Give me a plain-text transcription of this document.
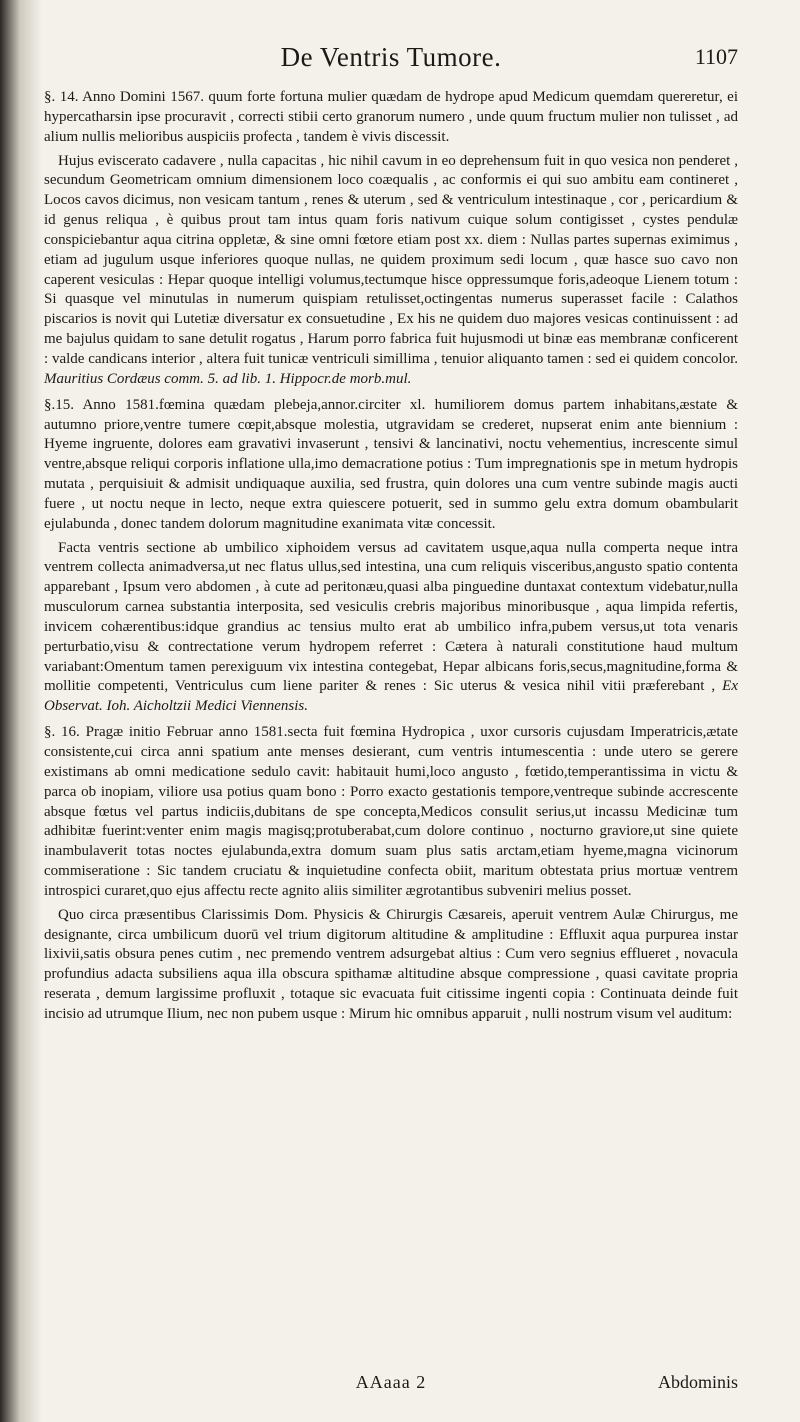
De Ventris Tumore.	1107

§. 14. Anno Domini 1567. quum forte fortuna mulier quædam de hydrope apud Medicum quemdam quereretur, ei hypercatharsin ipse procuravit , correcti stibii certo granorum numero , unde quum fructum mulier non tulisset , ad alium nullis melioribus auspiciis profecta , tandem è vivis discessit.

Hujus eviscerato cadavere , nulla capacitas , hic nihil cavum in eo deprehensum fuit in quo vesica non penderet , secundum Geometricam omnium dimensionem loco coæqualis , ac conformis ei qui suo ambitu eam contineret , Locos cavos dicimus, non vesicam tantum , renes & uterum , sed & ventriculum intestinaque , cor , pericardium & id genus reliqua , è quibus prout tam intus quam foris nativum cuique solum contigisset , cystes pendulæ conspiciebantur aqua citrina oppletæ, & sine omni fœtore etiam post xx. diem : Nullas partes supernas eximimus , etiam ad jugulum usque inferiores quoque nullas, ne quidem proximum sedi locum , quæ hasce suo cavo non caperent vesiculas : Hepar quoque intelligi volumus,tectumque hisce oppressumque foris,adeoque Lienem totum : Si quasque vel minutulas in numerum quispiam retulisset,octingentas numerus superasset facile : Calathos piscarios is novit qui Lutetiæ diversatur ex consuetudine , Ex his ne quidem duo majores vesicas continuissent : ad me bajulus quidam to sane detulit rogatus , Harum porro fabrica fuit hujusmodi ut binæ eas membranæ conficerent : valde candicans interior , altera fuit tunicæ ventriculi simillima , tenuior aliquanto tamen : sed ei quidem concolor. Mauritius Cordæus comm. 5. ad lib. 1. Hippocr.de morb.mul.

§.15. Anno 1581.fœmina quædam plebeja,annor.circiter xl. humiliorem domus partem inhabitans,æstate & autumno priore,ventre tumere cœpit,absque molestia, utgravidam se crederet, nupserat enim ante biennium : Hyeme ingruente, dolores eam gravativi invaserunt , tensivi & lancinativi, noctu vehementius, increscente simul ventre,absque reliqui corporis inflatione ulla,imo demacratione potius : Tum impregnationis spe in metum hydropis mutata , perquisiuit & admisit undiquaque auxilia, sed frustra, quin dolores una cum ventre subinde magis aucti fuere , ut noctu neque in lecto, neque extra quiescere potuerit, sed in summo gelu extra domum obambularit ejulabunda , donec tandem dolorum magnitudine exanimata vitæ concessit.

Facta ventris sectione ab umbilico xiphoidem versus ad cavitatem usque,aqua nulla comperta neque intra ventrem collecta animadversa,ut nec flatus ullus,sed intestina, una cum reliquis visceribus,angusto spatio contenta apparebant , Ipsum vero abdomen , à cute ad peritonæu,quasi alba pinguedine duntaxat contextum videbatur,nulla musculorum carnea substantia interposita, sed vesiculis crebris majoribus minoribusque , aqua limpida refertis, invicem cohærentibus:idque grandius ac tensius multo erat ab umbilico infra,pubem versus,ut tota venaris perturbatio,visu & contrectatione verum hydropem referret : Cætera à naturali constitutione haud multum variabant:Omentum tamen perexiguum vix intestina contegebat, Hepar albicans foris,secus,magnitudine,forma & mollitie competenti, Ventriculus cum liene pariter & renes : Sic uterus & vesica nihil vitii præferebant , Ex Observat. Ioh. Aicholtzii Medici Viennensis.

§. 16. Pragæ initio Februar anno 1581.secta fuit fœmina Hydropica , uxor cursoris cujusdam Imperatricis,ætate consistente,cui circa anni spatium ante menses desierant, cum ventris intumescentia : unde utero se gerere existimans ab omni medicatione sedulo cavit: habitauit humi,loco angusto , fœtido,temperantissima in victu & parca ob inopiam, viliore usa potius quam bono : Porro exacto gestationis tempore,ventreque subinde accrescente absque fœtus vel partus indiciis,dubitans de spe concepta,Medicos consulit serius,ut incassu Medicinæ tum adhibitæ fuerint:venter enim magis magisq;protuberabat,cum dolore continuo , nocturno graviore,ut sine quiete inambulaverit totas noctes ejulabunda,extra domum suam plus satis arctam,etiam hyeme,magna vicinorum commiseratione : Sic tandem cruciatu & inquietudine confecta obiit, maritum obtestata prius mortuæ ventrem introspici curaret,quo ejus affectu recte agnito aliis similiter ægrotantibus subveniri melius posset.

Quo circa præsentibus Clarissimis Dom. Physicis & Chirurgis Cæsareis, aperuit ventrem Aulæ Chirurgus, me designante, circa umbilicum duorū vel trium digitorum altitudine & amplitudine : Effluxit aqua purpurea instar lixivii,satis obsura penes cutim , nec premendo ventrem adsurgebat altius : Cum vero segnius efflueret , novacula profundius adacta subsiliens aqua illa obscura spithamæ altitudine absque compressione , quasi cavitate propria reserata , demum largissime profluxit , totaque sic evacuata fuit citissime ingenti copia : Continuata deinde fuit incisio ad utrumque Ilium, nec non pubem usque : Mirum hic omnibus apparuit , nulli nostrum visum vel auditum:

AAaaa 2	Abdominis
